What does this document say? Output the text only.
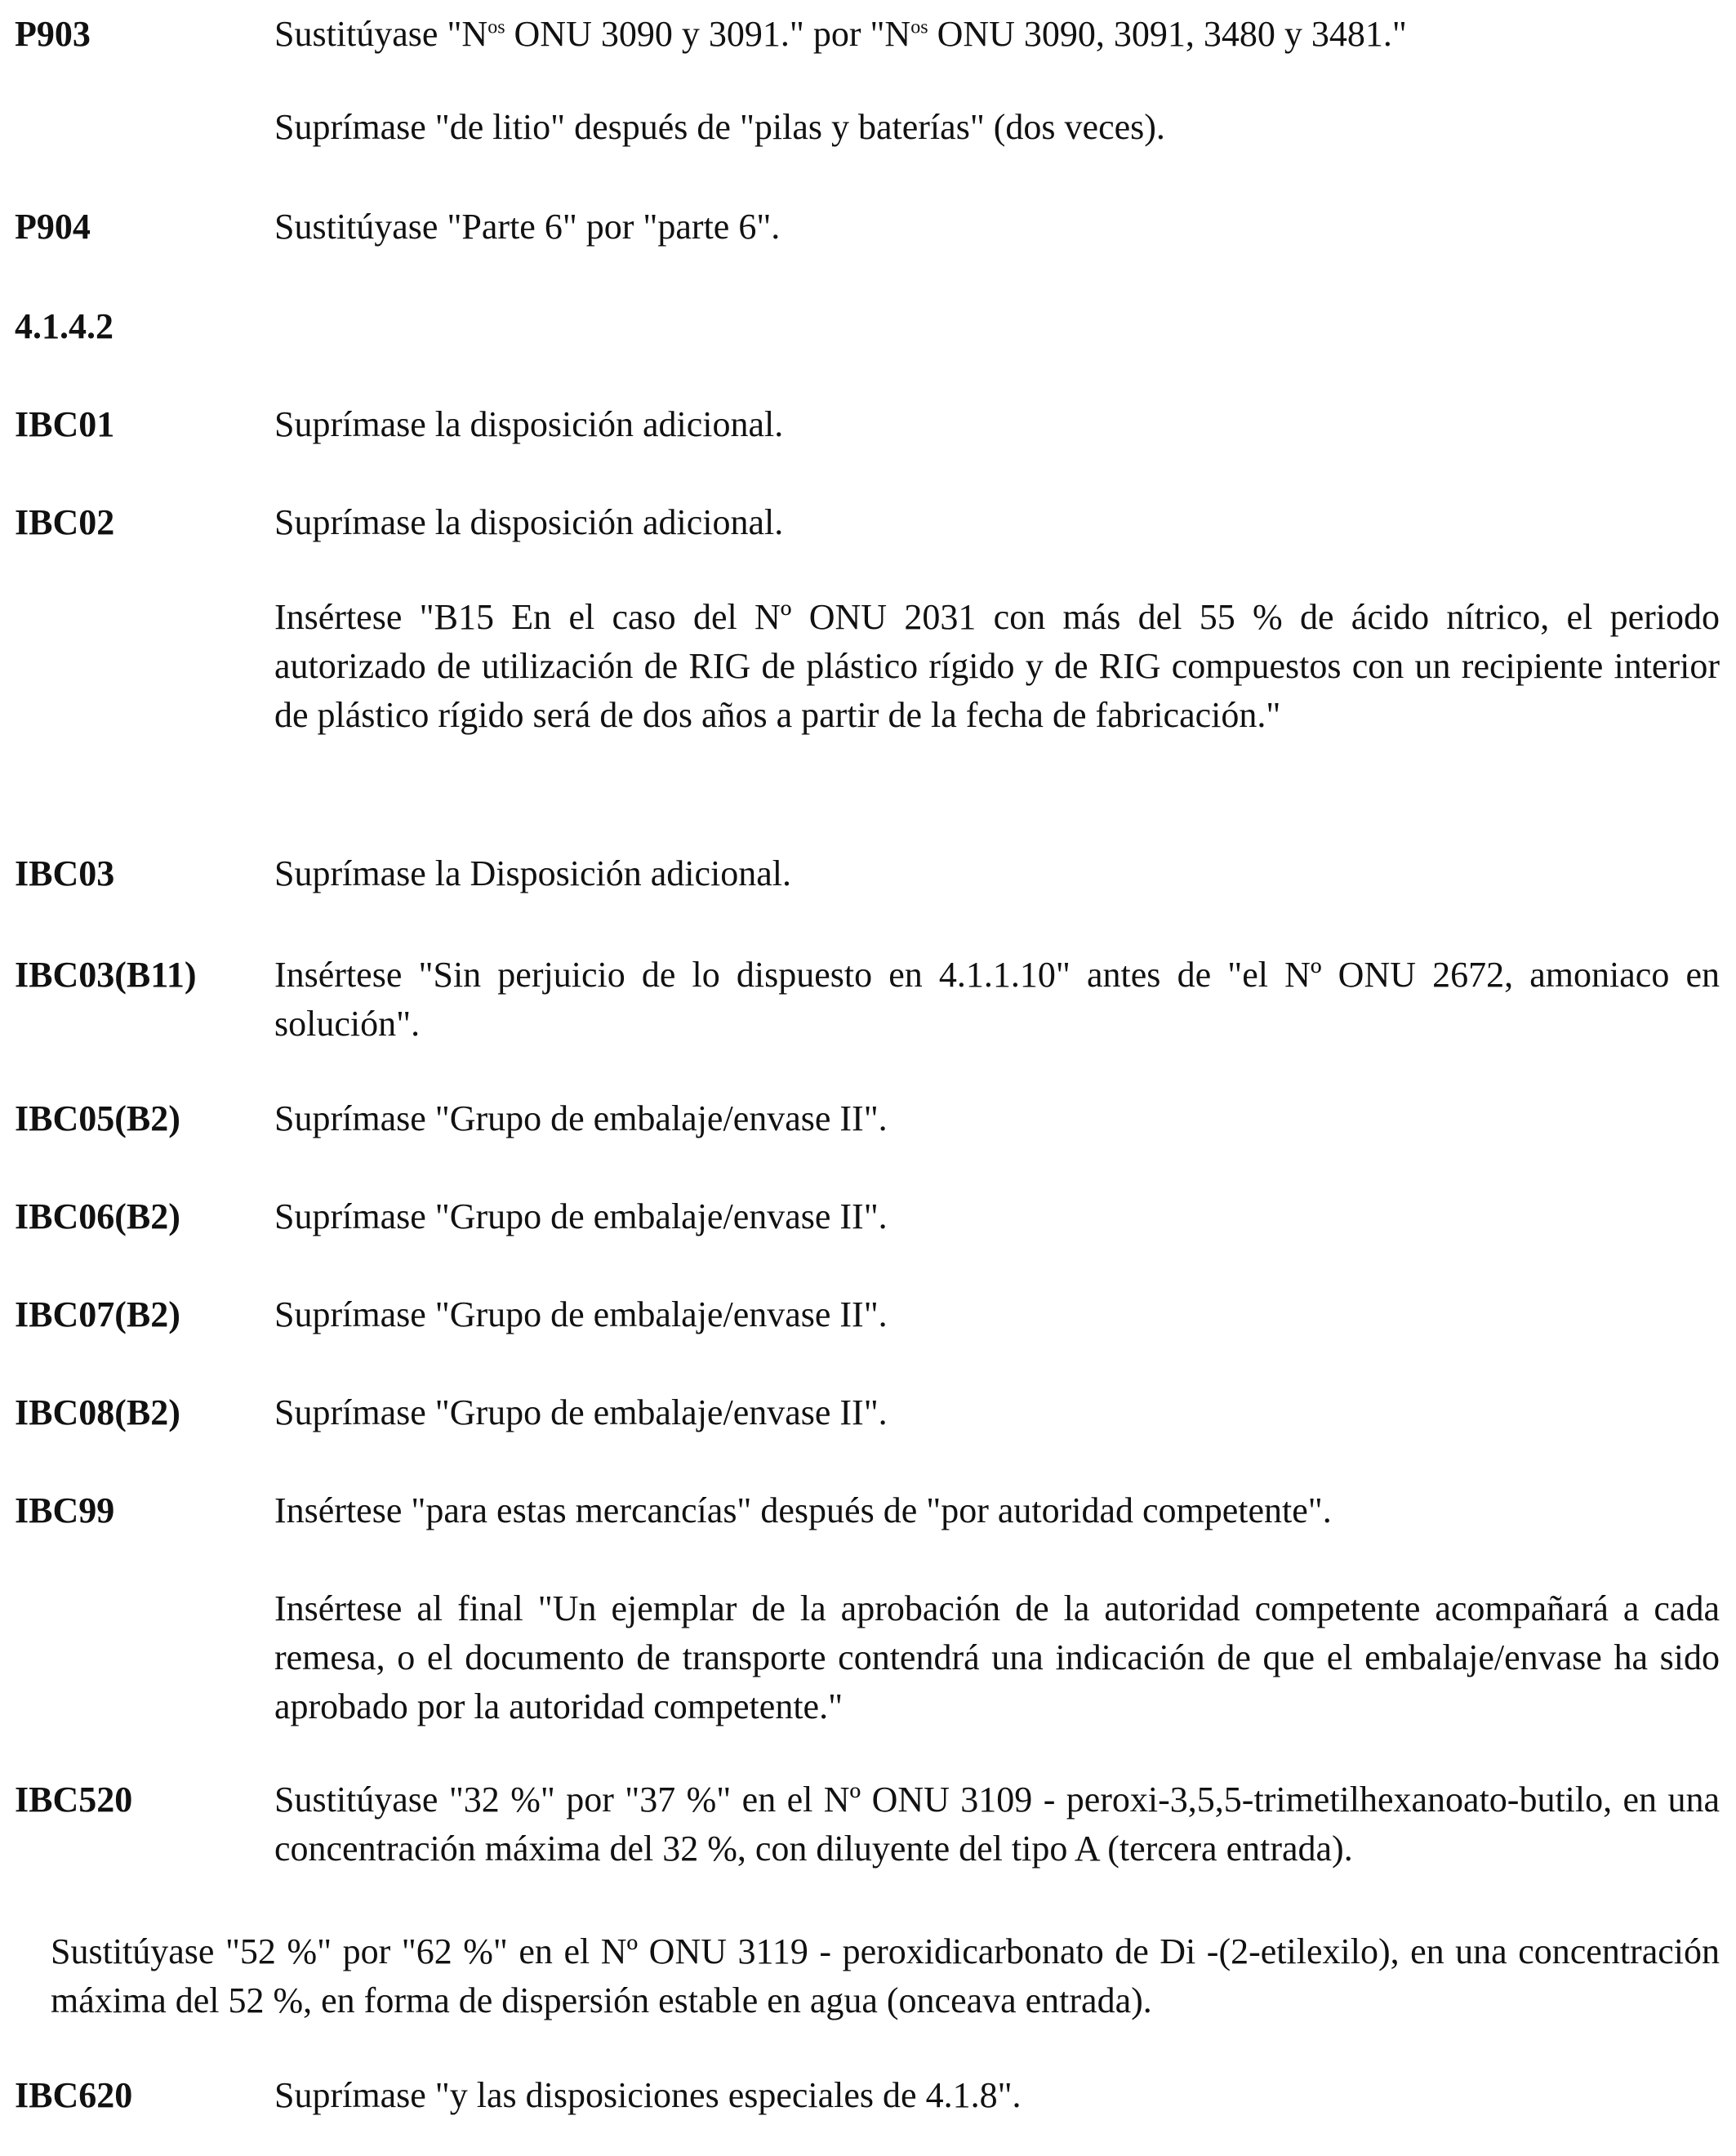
P903	Sustitúyase "$N^{os}$ ONU 3090 y 3091." por "$N^{os}$ ONU 3090, 3091, 3480 y 3481."
Suprímase "de litio" después de "pilas y baterías" (dos veces).
P904	Sustitúyase "Parte 6" por "parte 6".
4.1.4.2
IBC01	Suprímase la disposición adicional.
IBC02	Suprímase la disposición adicional.
Insértese "B15 En el caso del Nº ONU 2031 con más del 55 % de ácido nítrico, el periodo autorizado de utilización de RIG de plástico rígido y de RIG compuestos con un recipiente interior de plástico rígido será de dos años a partir de la fecha de fabricación."
IBC03	Suprímase la Disposición adicional.
IBC03(B11) Insértese "Sin perjuicio de lo dispuesto en 4.1.1.10" antes de "el Nº ONU 2672, amoniaco en solución".
IBC05(B2)	Suprímase "Grupo de embalaje/envase II".
IBC06(B2)	Suprímase "Grupo de embalaje/envase II".
IBC07(B2)	Suprímase "Grupo de embalaje/envase II".
IBC08(B2)	Suprímase "Grupo de embalaje/envase II".
IBC99	Insértese "para estas mercancías" después de "por autoridad competente".
Insértese al final "Un ejemplar de la aprobación de la autoridad competente acompañará a cada remesa, o el documento de transporte contendrá una indicación de que el embalaje/envase ha sido aprobado por la autoridad competente."
IBC520	Sustitúyase "32 %" por "37 %" en el Nº ONU 3109 - peroxi-3,5,5-trimetilhexanoato-butilo, en una concentración máxima del 32 %, con diluyente del tipo A (tercera entrada).
Sustitúyase "52 %" por "62 %" en el Nº ONU 3119 - peroxidicarbonato de Di -(2-etilexilo), en una concentración máxima del 52 %, en forma de dispersión estable en agua (onceava entrada).
IBC620	Suprímase "y las disposiciones especiales de 4.1.8".
